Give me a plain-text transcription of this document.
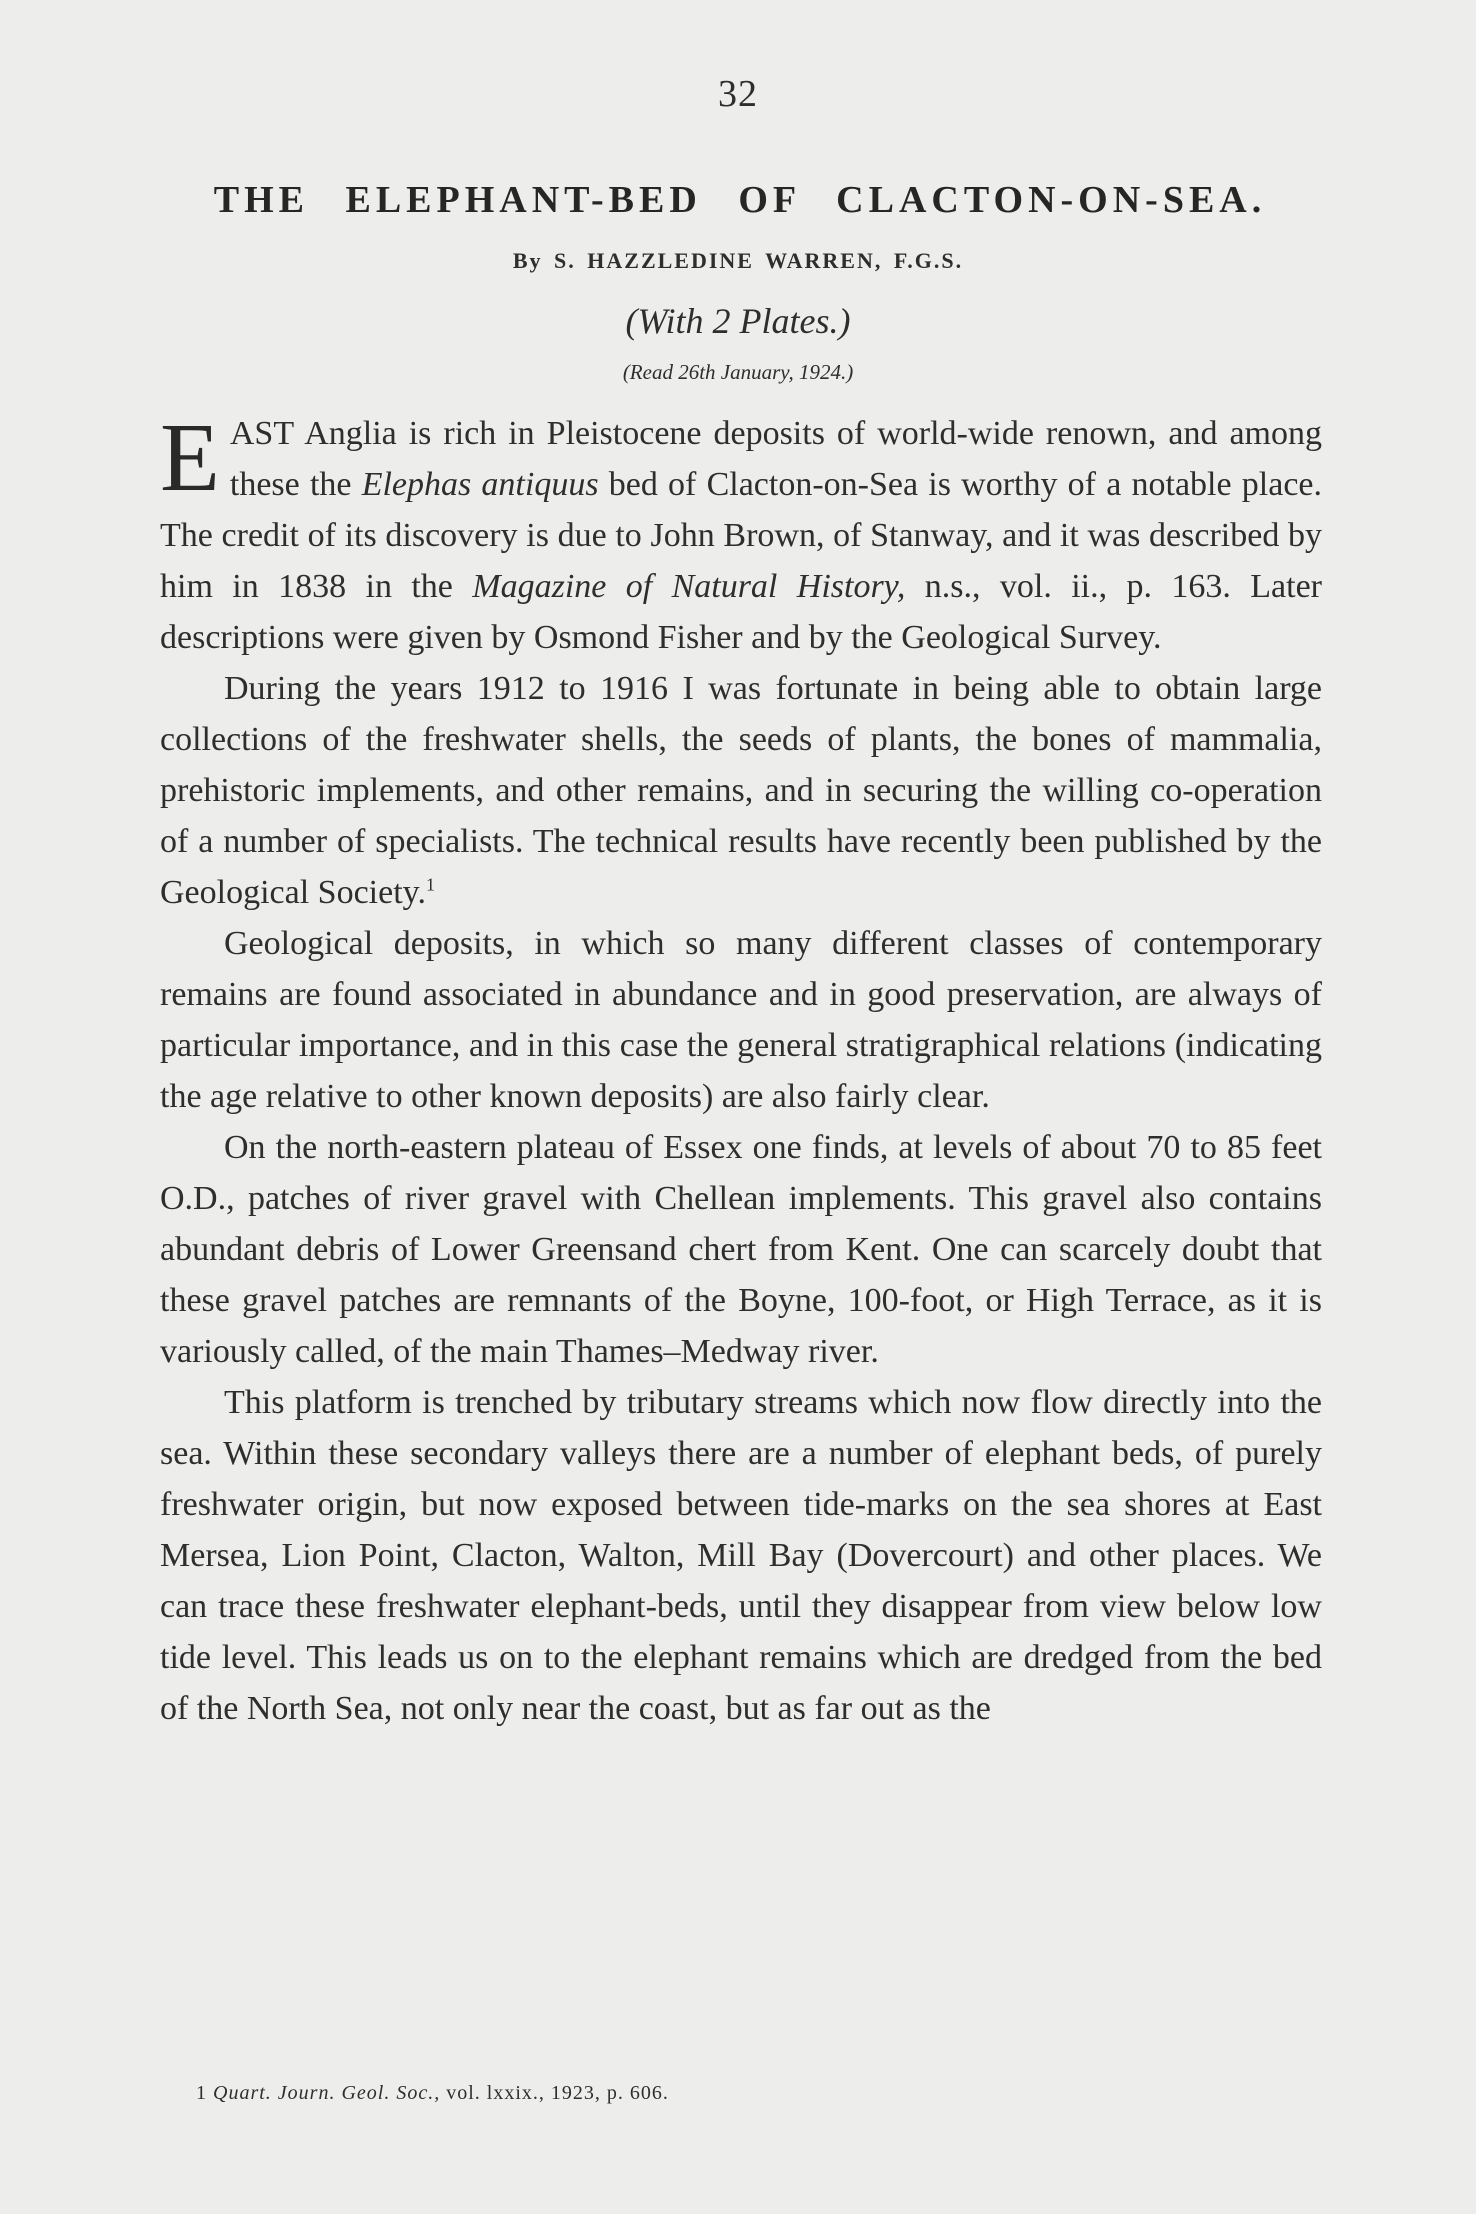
32
THE ELEPHANT-BED OF CLACTON-ON-SEA.
By S. HAZZLEDINE WARREN, F.G.S.
(With 2 Plates.)
(Read 26th January, 1924.)

EAST Anglia is rich in Pleistocene deposits of world-wide renown, and among these the Elephas antiquus bed of Clacton-on-Sea is worthy of a notable place. The credit of its discovery is due to John Brown, of Stanway, and it was described by him in 1838 in the Magazine of Natural History, n.s., vol. ii., p. 163. Later descriptions were given by Osmond Fisher and by the Geological Survey.

During the years 1912 to 1916 I was fortunate in being able to obtain large collections of the freshwater shells, the seeds of plants, the bones of mammalia, prehistoric implements, and other remains, and in securing the willing co-operation of a number of specialists. The technical results have recently been published by the Geological Society.$^1$

Geological deposits, in which so many different classes of contemporary remains are found associated in abundance and in good preservation, are always of particular importance, and in this case the general stratigraphical relations (indicating the age relative to other known deposits) are also fairly clear.

On the north-eastern plateau of Essex one finds, at levels of about 70 to 85 feet O.D., patches of river gravel with Chellean implements. This gravel also contains abundant debris of Lower Greensand chert from Kent. One can scarcely doubt that these gravel patches are remnants of the Boyne, 100-foot, or High Terrace, as it is variously called, of the main Thames–Medway river.

This platform is trenched by tributary streams which now flow directly into the sea. Within these secondary valleys there are a number of elephant beds, of purely freshwater origin, but now exposed between tide-marks on the sea shores at East Mersea, Lion Point, Clacton, Walton, Mill Bay (Dovercourt) and other places. We can trace these freshwater elephant-beds, until they disappear from view below low tide level. This leads us on to the elephant remains which are dredged from the bed of the North Sea, not only near the coast, but as far out as the

1 Quart. Journ. Geol. Soc., vol. lxxix., 1923, p. 606.
